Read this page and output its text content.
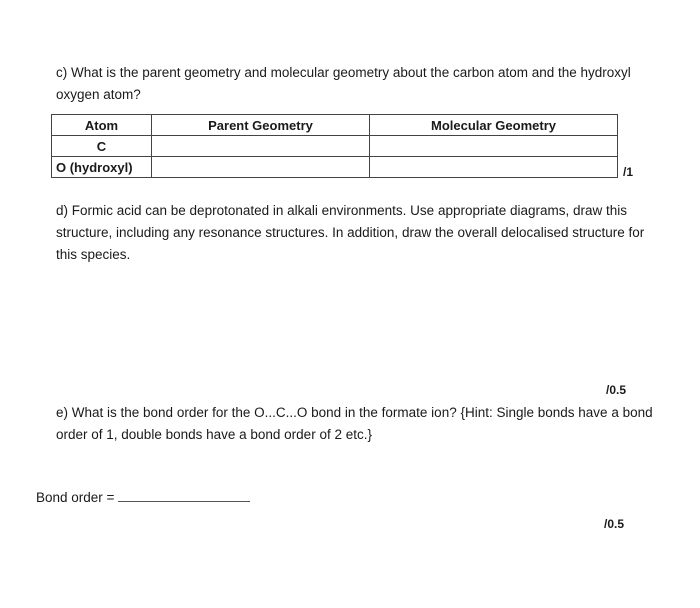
c) What is the parent geometry and molecular geometry about the carbon atom and the hydroxyl oxygen atom?

Atom	Parent Geometry	Molecular Geometry
C		
O (hydroxyl)			/1

d) Formic acid can be deprotonated in alkali environments. Use appropriate diagrams, draw this structure, including any resonance structures. In addition, draw the overall delocalised structure for this species.

/0.5

e) What is the bond order for the O...C...O bond in the formate ion? {Hint: Single bonds have a bond order of 1, double bonds have a bond order of 2 etc.}

Bond order =
/0.5
